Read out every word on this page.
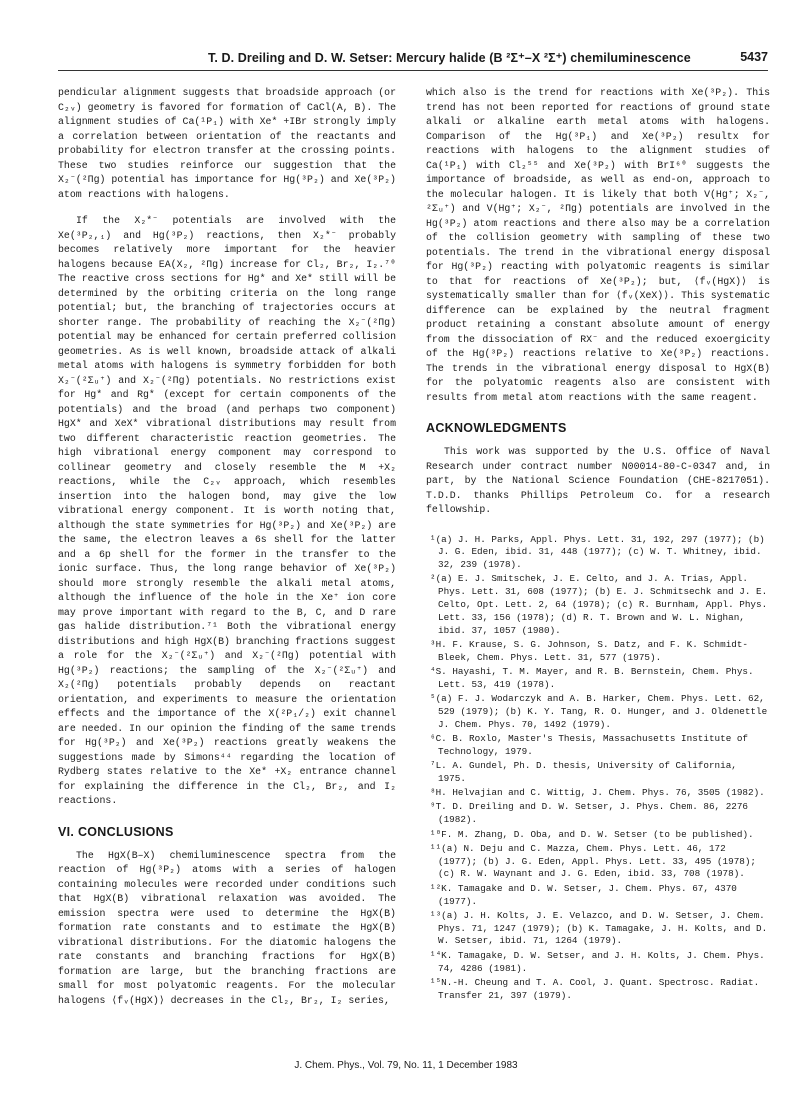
T. D. Dreiling and D. W. Setser: Mercury halide (B ²Σ⁺–X ²Σ⁺) chemiluminescence	5437

pendicular alignment suggests that broadside approach (or C₂ᵥ) geometry is favored for formation of CaCl(A, B). The alignment studies of Ca(¹P₁) with Xe* +IBr strongly imply a correlation between orientation of the reactants and probability for electron transfer at the crossing points. These two studies reinforce our suggestion that the X₂⁻(²Πg) potential has importance for Hg(³P₂) and Xe(³P₂) atom reactions with halogens.

If the X₂*⁻ potentials are involved with the Xe(³P₂,₁) and Hg(³P₂) reactions, then X₂*⁻ probably becomes relatively more important for the heavier halogens because EA(X₂, ²Πg) increase for Cl₂, Br₂, I₂.⁷⁰ The reactive cross sections for Hg* and Xe* still will be determined by the orbiting criteria on the long range potential; but, the branching of trajectories occurs at shorter range. The probability of reaching the X₂⁻(²Πg) potential may be enhanced for certain preferred collision geometries. As is well known, broadside attack of alkali metal atoms with halogens is symmetry forbidden for both X₂⁻(²Σᵤ⁺) and X₂⁻(²Πg) potentials. No restrictions exist for Hg* and Rg* (except for certain components of the potentials) and the broad (and perhaps two component) HgX* and XeX* vibrational distributions may result from two different characteristic reaction geometries. The high vibrational energy component may correspond to collinear geometry and closely resemble the M +X₂ reactions, while the C₂ᵥ approach, which resembles insertion into the halogen bond, may give the low vibrational energy component. It is worth noting that, although the state symmetries for Hg(³P₂) and Xe(³P₂) are the same, the electron leaves a 6s shell for the latter and a 6p shell for the former in the transfer to the ionic surface. Thus, the long range behavior of Xe(³P₂) should more strongly resemble the alkali metal atoms, although the influence of the hole in the Xe⁺ ion core may prove important with regard to the B, C, and D rare gas halide distribution.⁷¹ Both the vibrational energy distributions and high HgX(B) branching fractions suggest a role for the X₂⁻(²Σᵤ⁺) and X₂⁻(²Πg) potential with Hg(³P₂) reactions; the sampling of the X₂⁻(²Σᵤ⁺) and X₂(²Πg) potentials probably depends on reactant orientation, and experiments to measure the orientation effects and the importance of the X(²P₁/₂) exit channel are needed. In our opinion the finding of the same trends for Hg(³P₂) and Xe(³P₂) reactions greatly weakens the suggestions made by Simons⁴⁴ regarding the location of Rydberg states relative to the Xe* +X₂ entrance channel for explaining the difference in the Cl₂, Br₂, and I₂ reactions.

VI. CONCLUSIONS

The HgX(B–X) chemiluminescence spectra from the reaction of Hg(³P₂) atoms with a series of halogen containing molecules were recorded under conditions such that HgX(B) vibrational relaxation was avoided. The emission spectra were used to determine the HgX(B) formation rate constants and to estimate the HgX(B) vibrational distributions. For the diatomic halogens the rate constants and branching fractions for HgX(B) formation are large, but the branching fractions are small for most polyatomic reagents. For the molecular halogens ⟨fᵥ(HgX)⟩ decreases in the Cl₂, Br₂, I₂ series,

which also is the trend for reactions with Xe(³P₂). This trend has not been reported for reactions of ground state alkali or alkaline earth metal atoms with halogens. Comparison of the Hg(³P₁) and Xe(³P₂) resultx for reactions with halogens to the alignment studies of Ca(¹P₁) with Cl₂⁵⁵ and Xe(³P₂) with BrI⁶⁰ suggests the importance of broadside, as well as end-on, approach to the molecular halogen. It is likely that both V(Hg⁺; X₂⁻, ²Σᵤ⁺) and V(Hg⁺; X₂⁻, ²Πg) potentials are involved in the Hg(³P₂) atom reactions and there also may be a correlation of the collision geometry with sampling of these two potentials. The trend in the vibrational energy disposal for Hg(³P₂) reacting with polyatomic reagents is similar to that for reactions of Xe(³P₂); but, ⟨fᵥ(HgX)⟩ is systematically smaller than for ⟨fᵥ(XeX)⟩. This systematic difference can be explained by the neutral fragment product retaining a constant absolute amount of energy from the dissociation of RX⁻ and the reduced exoergicity of the Hg(³P₂) reactions relative to Xe(³P₂) reactions. The trends in the vibrational energy disposal to HgX(B) for the polyatomic reagents also are consistent with results from metal atom reactions with the same reagent.

ACKNOWLEDGMENTS

This work was supported by the U.S. Office of Naval Research under contract number N00014-80-C-0347 and, in part, by the National Science Foundation (CHE-8217051). T.D.D. thanks Phillips Petroleum Co. for a research fellowship.

¹(a) J. H. Parks, Appl. Phys. Lett. 31, 192, 297 (1977); (b) J. G. Eden, ibid. 31, 448 (1977); (c) W. T. Whitney, ibid. 32, 239 (1978).
²(a) E. J. Smitschek, J. E. Celto, and J. A. Trias, Appl. Phys. Lett. 31, 608 (1977); (b) E. J. Schmitsechk and J. E. Celto, Opt. Lett. 2, 64 (1978); (c) R. Burnham, Appl. Phys. Lett. 33, 156 (1978); (d) R. T. Brown and W. L. Nighan, ibid. 37, 1057 (1980).
³H. F. Krause, S. G. Johnson, S. Datz, and F. K. Schmidt-Bleek, Chem. Phys. Lett. 31, 577 (1975).
⁴S. Hayashi, T. M. Mayer, and R. B. Bernstein, Chem. Phys. Lett. 53, 419 (1978).
⁵(a) F. J. Wodarczyk and A. B. Harker, Chem. Phys. Lett. 62, 529 (1979); (b) K. Y. Tang, R. O. Hunger, and J. Oldenettle J. Chem. Phys. 70, 1492 (1979).
⁶C. B. Roxlo, Master's Thesis, Massachusetts Institute of Technology, 1979.
⁷L. A. Gundel, Ph. D. thesis, University of California, 1975.
⁸H. Helvajian and C. Wittig, J. Chem. Phys. 76, 3505 (1982).
⁹T. D. Dreiling and D. W. Setser, J. Phys. Chem. 86, 2276 (1982).
¹⁰F. M. Zhang, D. Oba, and D. W. Setser (to be published).
¹¹(a) N. Deju and C. Mazza, Chem. Phys. Lett. 46, 172 (1977); (b) J. G. Eden, Appl. Phys. Lett. 33, 495 (1978); (c) R. W. Waynant and J. G. Eden, ibid. 33, 708 (1978).
¹²K. Tamagake and D. W. Setser, J. Chem. Phys. 67, 4370 (1977).
¹³(a) J. H. Kolts, J. E. Velazco, and D. W. Setser, J. Chem. Phys. 71, 1247 (1979); (b) K. Tamagake, J. H. Kolts, and D. W. Setser, ibid. 71, 1264 (1979).
¹⁴K. Tamagake, D. W. Setser, and J. H. Kolts, J. Chem. Phys. 74, 4286 (1981).
¹⁵N.-H. Cheung and T. A. Cool, J. Quant. Spectrosc. Radiat. Transfer 21, 397 (1979).
J. Chem. Phys., Vol. 79, No. 11, 1 December 1983
